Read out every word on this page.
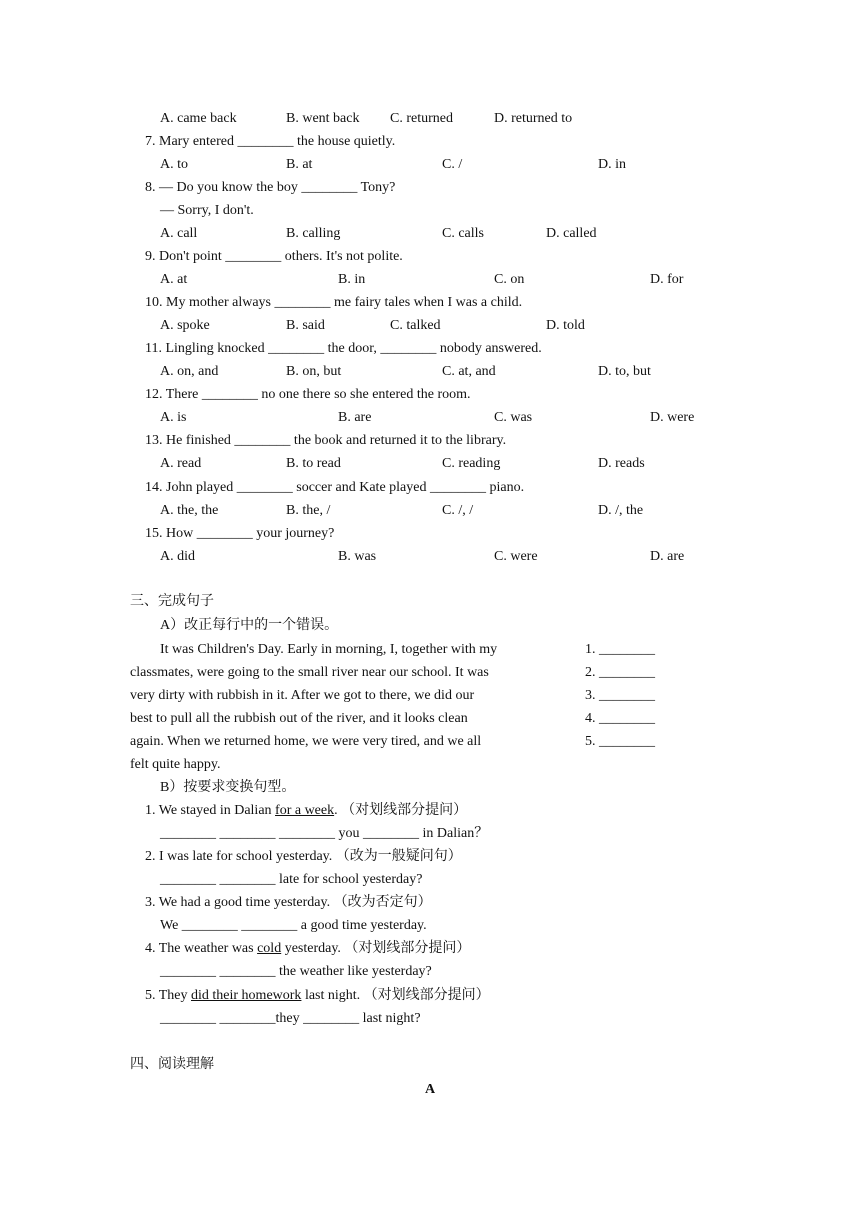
A. came back	B. went back C. returned	D. returned to
7. Mary entered ________ the house quietly.
A. to	B. at	C. /	D. in
8. — Do you know the boy ________ Tony?
— Sorry, I don't.
A. call	B. calling	C. calls	D. called
9. Don't point ________ others. It's not polite.
A. at	B. in	C. on	D. for
10. My mother always ________ me fairy tales when I was a child.
A. spoke	B. said	C. talked	D. told
11. Lingling knocked ________ the door, ________ nobody answered.
A. on, and	B. on, but	C. at, and	D. to, but
12. There ________ no one there so she entered the room.
A. is	B. are	C. was	D. were
13. He finished ________ the book and returned it to the library.
A. read	B. to read	C. reading	D. reads
14. John played ________ soccer and Kate played ________ piano.
A. the, the	B. the, /	C. /, /	D. /, the
15. How ________ your journey?
A. did	B. was	C. were	D. are
三、完成句子
A）改正每行中的一个错误。
It was Children's Day. Early in morning, I, together with my	1. ________
classmates, were going to the small river near our school. It was	2. ________
very dirty with rubbish in it. After we got to there, we did our	3. ________
best to pull all the rubbish out of the river, and it looks clean	4. ________
again. When we returned home, we were very tired, and we all	5. ________
felt quite happy.
B）按要求变换句型。
1. We stayed in Dalian for a week. （对划线部分提问）
________ ________ ________ you ________ in Dalian？
2. I was late for school yesterday. （改为一般疑问句）
________ ________ late for school yesterday?
3. We had a good time yesterday. （改为否定句）
We ________ ________ a good time yesterday.
4. The weather was cold yesterday. （对划线部分提问）
________ ________ the weather like yesterday?
5. They did their homework last night. （对划线部分提问）
________ ________they ________ last night?
四、阅读理解
A
